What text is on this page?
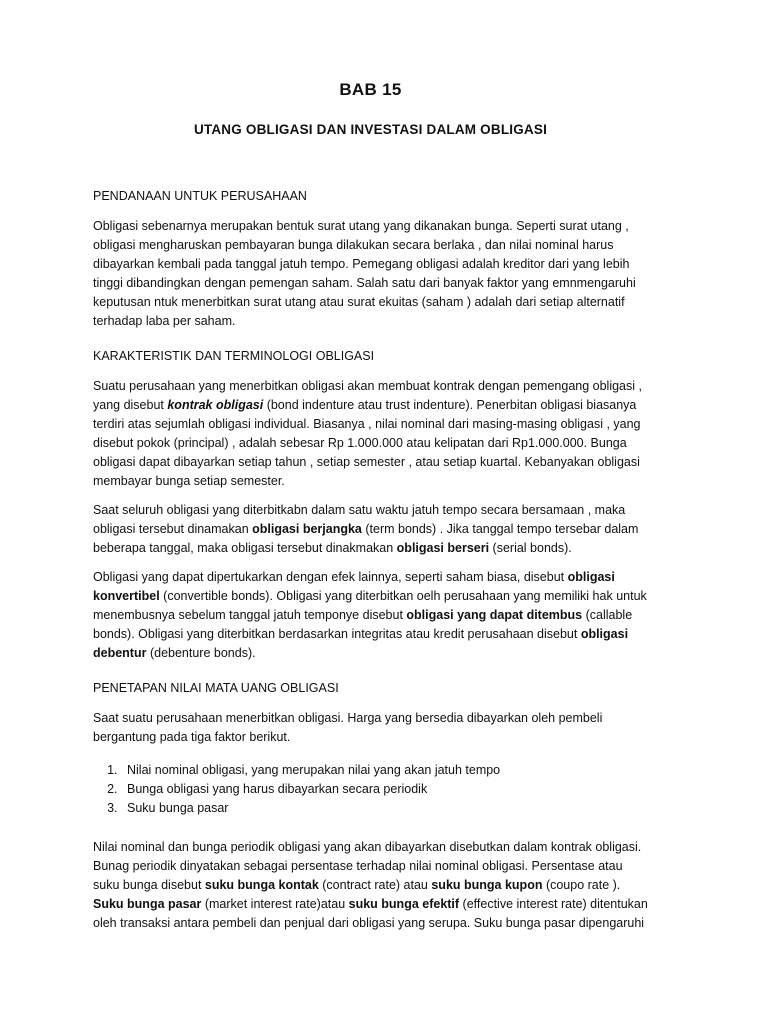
BAB 15
UTANG OBLIGASI DAN INVESTASI DALAM OBLIGASI
PENDANAAN UNTUK PERUSAHAAN

Obligasi sebenarnya merupakan bentuk surat utang yang dikanakan bunga. Seperti surat utang , obligasi mengharuskan pembayaran bunga dilakukan secara berlaka , dan nilai nominal harus dibayarkan kembali pada tanggal jatuh tempo. Pemegang obligasi adalah kreditor dari yang lebih tinggi dibandingkan dengan pemengan saham. Salah satu dari banyak faktor yang emnmengaruhi keputusan ntuk menerbitkan surat utang atau surat ekuitas (saham ) adalah dari setiap alternatif terhadap laba per saham.

KARAKTERISTIK DAN TERMINOLOGI OBLIGASI

Suatu perusahaan yang menerbitkan obligasi akan membuat kontrak dengan pemengang obligasi , yang disebut kontrak obligasi (bond indenture atau trust indenture). Penerbitan obligasi biasanya terdiri atas sejumlah obligasi individual. Biasanya , nilai nominal dari masing-masing obligasi , yang disebut pokok (principal) , adalah sebesar Rp 1.000.000 atau kelipatan dari Rp1.000.000. Bunga obligasi dapat dibayarkan setiap tahun , setiap semester , atau setiap kuartal. Kebanyakan obligasi membayar bunga setiap semester.

Saat seluruh obligasi yang diterbitkabn dalam satu waktu jatuh tempo secara bersamaan , maka obligasi tersebut dinamakan obligasi berjangka (term bonds) . Jika tanggal tempo tersebar dalam beberapa tanggal, maka obligasi tersebut dinakmakan obligasi berseri (serial bonds).

Obligasi yang dapat dipertukarkan dengan efek lainnya, seperti saham biasa, disebut obligasi konvertibel (convertible bonds). Obligasi yang diterbitkan oelh perusahaan yang memiliki hak untuk menembusnya sebelum tanggal jatuh temponye disebut obligasi yang dapat ditembus (callable bonds). Obligasi yang diterbitkan berdasarkan integritas atau kredit perusahaan disebut obligasi debentur (debenture bonds).

PENETAPAN NILAI MATA UANG OBLIGASI

Saat suatu perusahaan menerbitkan obligasi. Harga yang bersedia dibayarkan oleh pembeli bergantung pada tiga faktor berikut.

1. Nilai nominal obligasi, yang merupakan nilai yang akan jatuh tempo
2. Bunga obligasi yang harus dibayarkan secara periodik
3. Suku bunga pasar

Nilai nominal dan bunga periodik obligasi yang akan dibayarkan disebutkan dalam kontrak obligasi. Bunag periodik dinyatakan sebagai persentase terhadap nilai nominal obligasi. Persentase atau suku bunga disebut suku bunga kontak (contract rate) atau suku bunga kupon (coupo rate ).

Suku bunga pasar (market interest rate)atau suku bunga efektif (effective interest rate) ditentukan oleh transaksi antara pembeli dan penjual dari obligasi yang serupa. Suku bunga pasar dipengaruhi
